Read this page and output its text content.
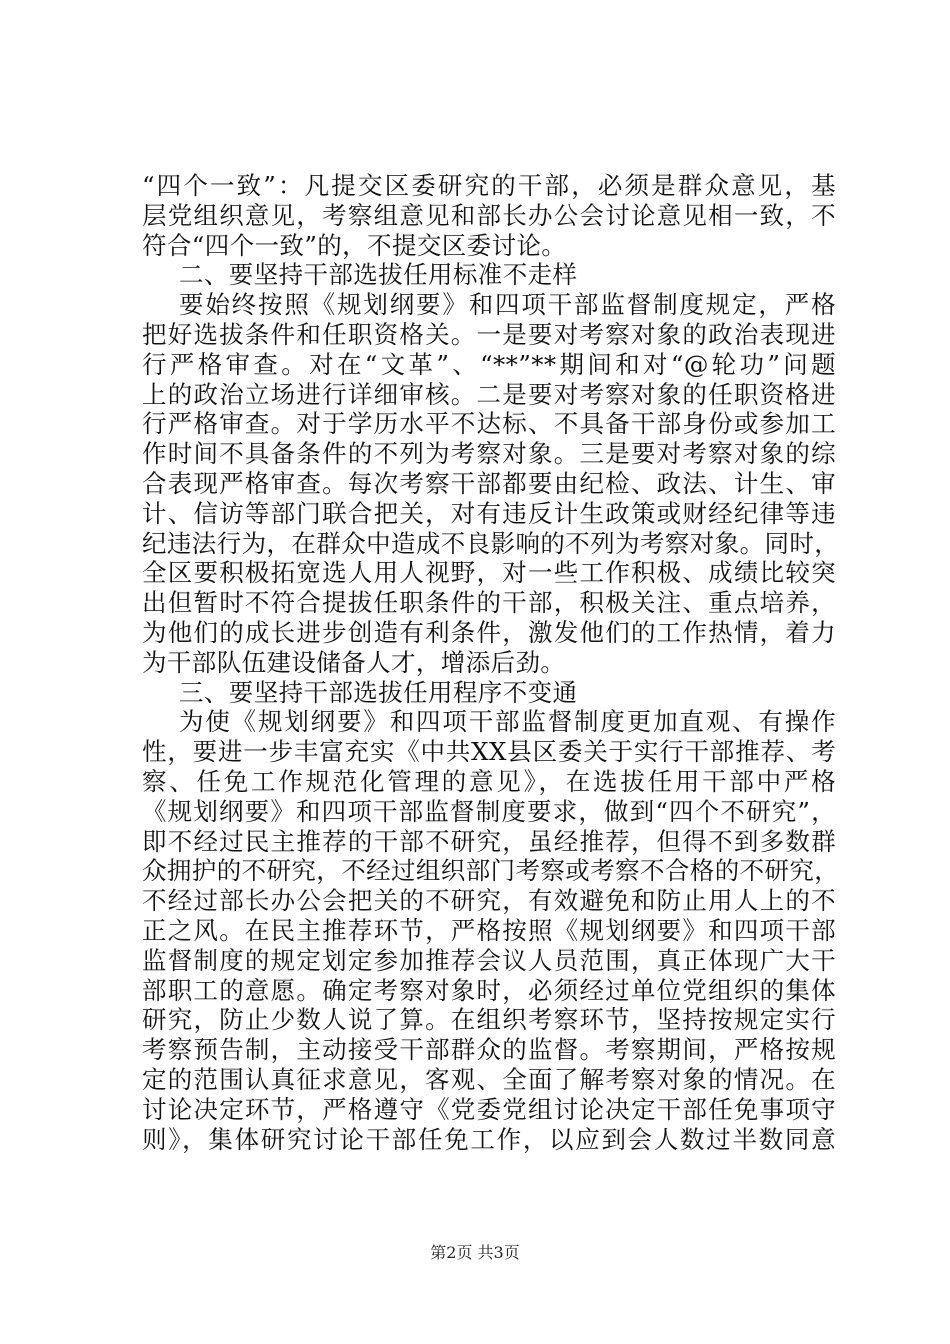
“四个一致”：凡提交区委研究的干部，必须是群众意见，基
层党组织意见，考察组意见和部长办公会讨论意见相一致，不
符合“四个一致”的，不提交区委讨论。
二、要坚持干部选拔任用标准不走样
要始终按照《规划纲要》和四项干部监督制度规定，严格
把好选拔条件和任职资格关。一是要对考察对象的政治表现进
行严格审查。对在“文革”、“**”**期间和对“@轮功”问题
上的政治立场进行详细审核。二是要对考察对象的任职资格进
行严格审查。对于学历水平不达标、不具备干部身份或参加工
作时间不具备条件的不列为考察对象。三是要对考察对象的综
合表现严格审查。每次考察干部都要由纪检、政法、计生、审
计、信访等部门联合把关，对有违反计生政策或财经纪律等违
纪违法行为，在群众中造成不良影响的不列为考察对象。同时，
全区要积极拓宽选人用人视野，对一些工作积极、成绩比较突
出但暂时不符合提拔任职条件的干部，积极关注、重点培养，
为他们的成长进步创造有利条件，激发他们的工作热情，着力
为干部队伍建设储备人才，增添后劲。
三、要坚持干部选拔任用程序不变通
为使《规划纲要》和四项干部监督制度更加直观、有操作
性，要进一步丰富充实《中共XX县区委关于实行干部推荐、考
察、任免工作规范化管理的意见》，在选拔任用干部中严格
《规划纲要》和四项干部监督制度要求，做到“四个不研究”，
即不经过民主推荐的干部不研究，虽经推荐，但得不到多数群
众拥护的不研究，不经过组织部门考察或考察不合格的不研究，
不经过部长办公会把关的不研究，有效避免和防止用人上的不
正之风。在民主推荐环节，严格按照《规划纲要》和四项干部
监督制度的规定划定参加推荐会议人员范围，真正体现广大干
部职工的意愿。确定考察对象时，必须经过单位党组织的集体
研究，防止少数人说了算。在组织考察环节，坚持按规定实行
考察预告制，主动接受干部群众的监督。考察期间，严格按规
定的范围认真征求意见，客观、全面了解考察对象的情况。在
讨论决定环节，严格遵守《党委党组讨论决定干部任免事项守
则》，集体研究讨论干部任免工作，以应到会人数过半数同意
第2页 共3页
